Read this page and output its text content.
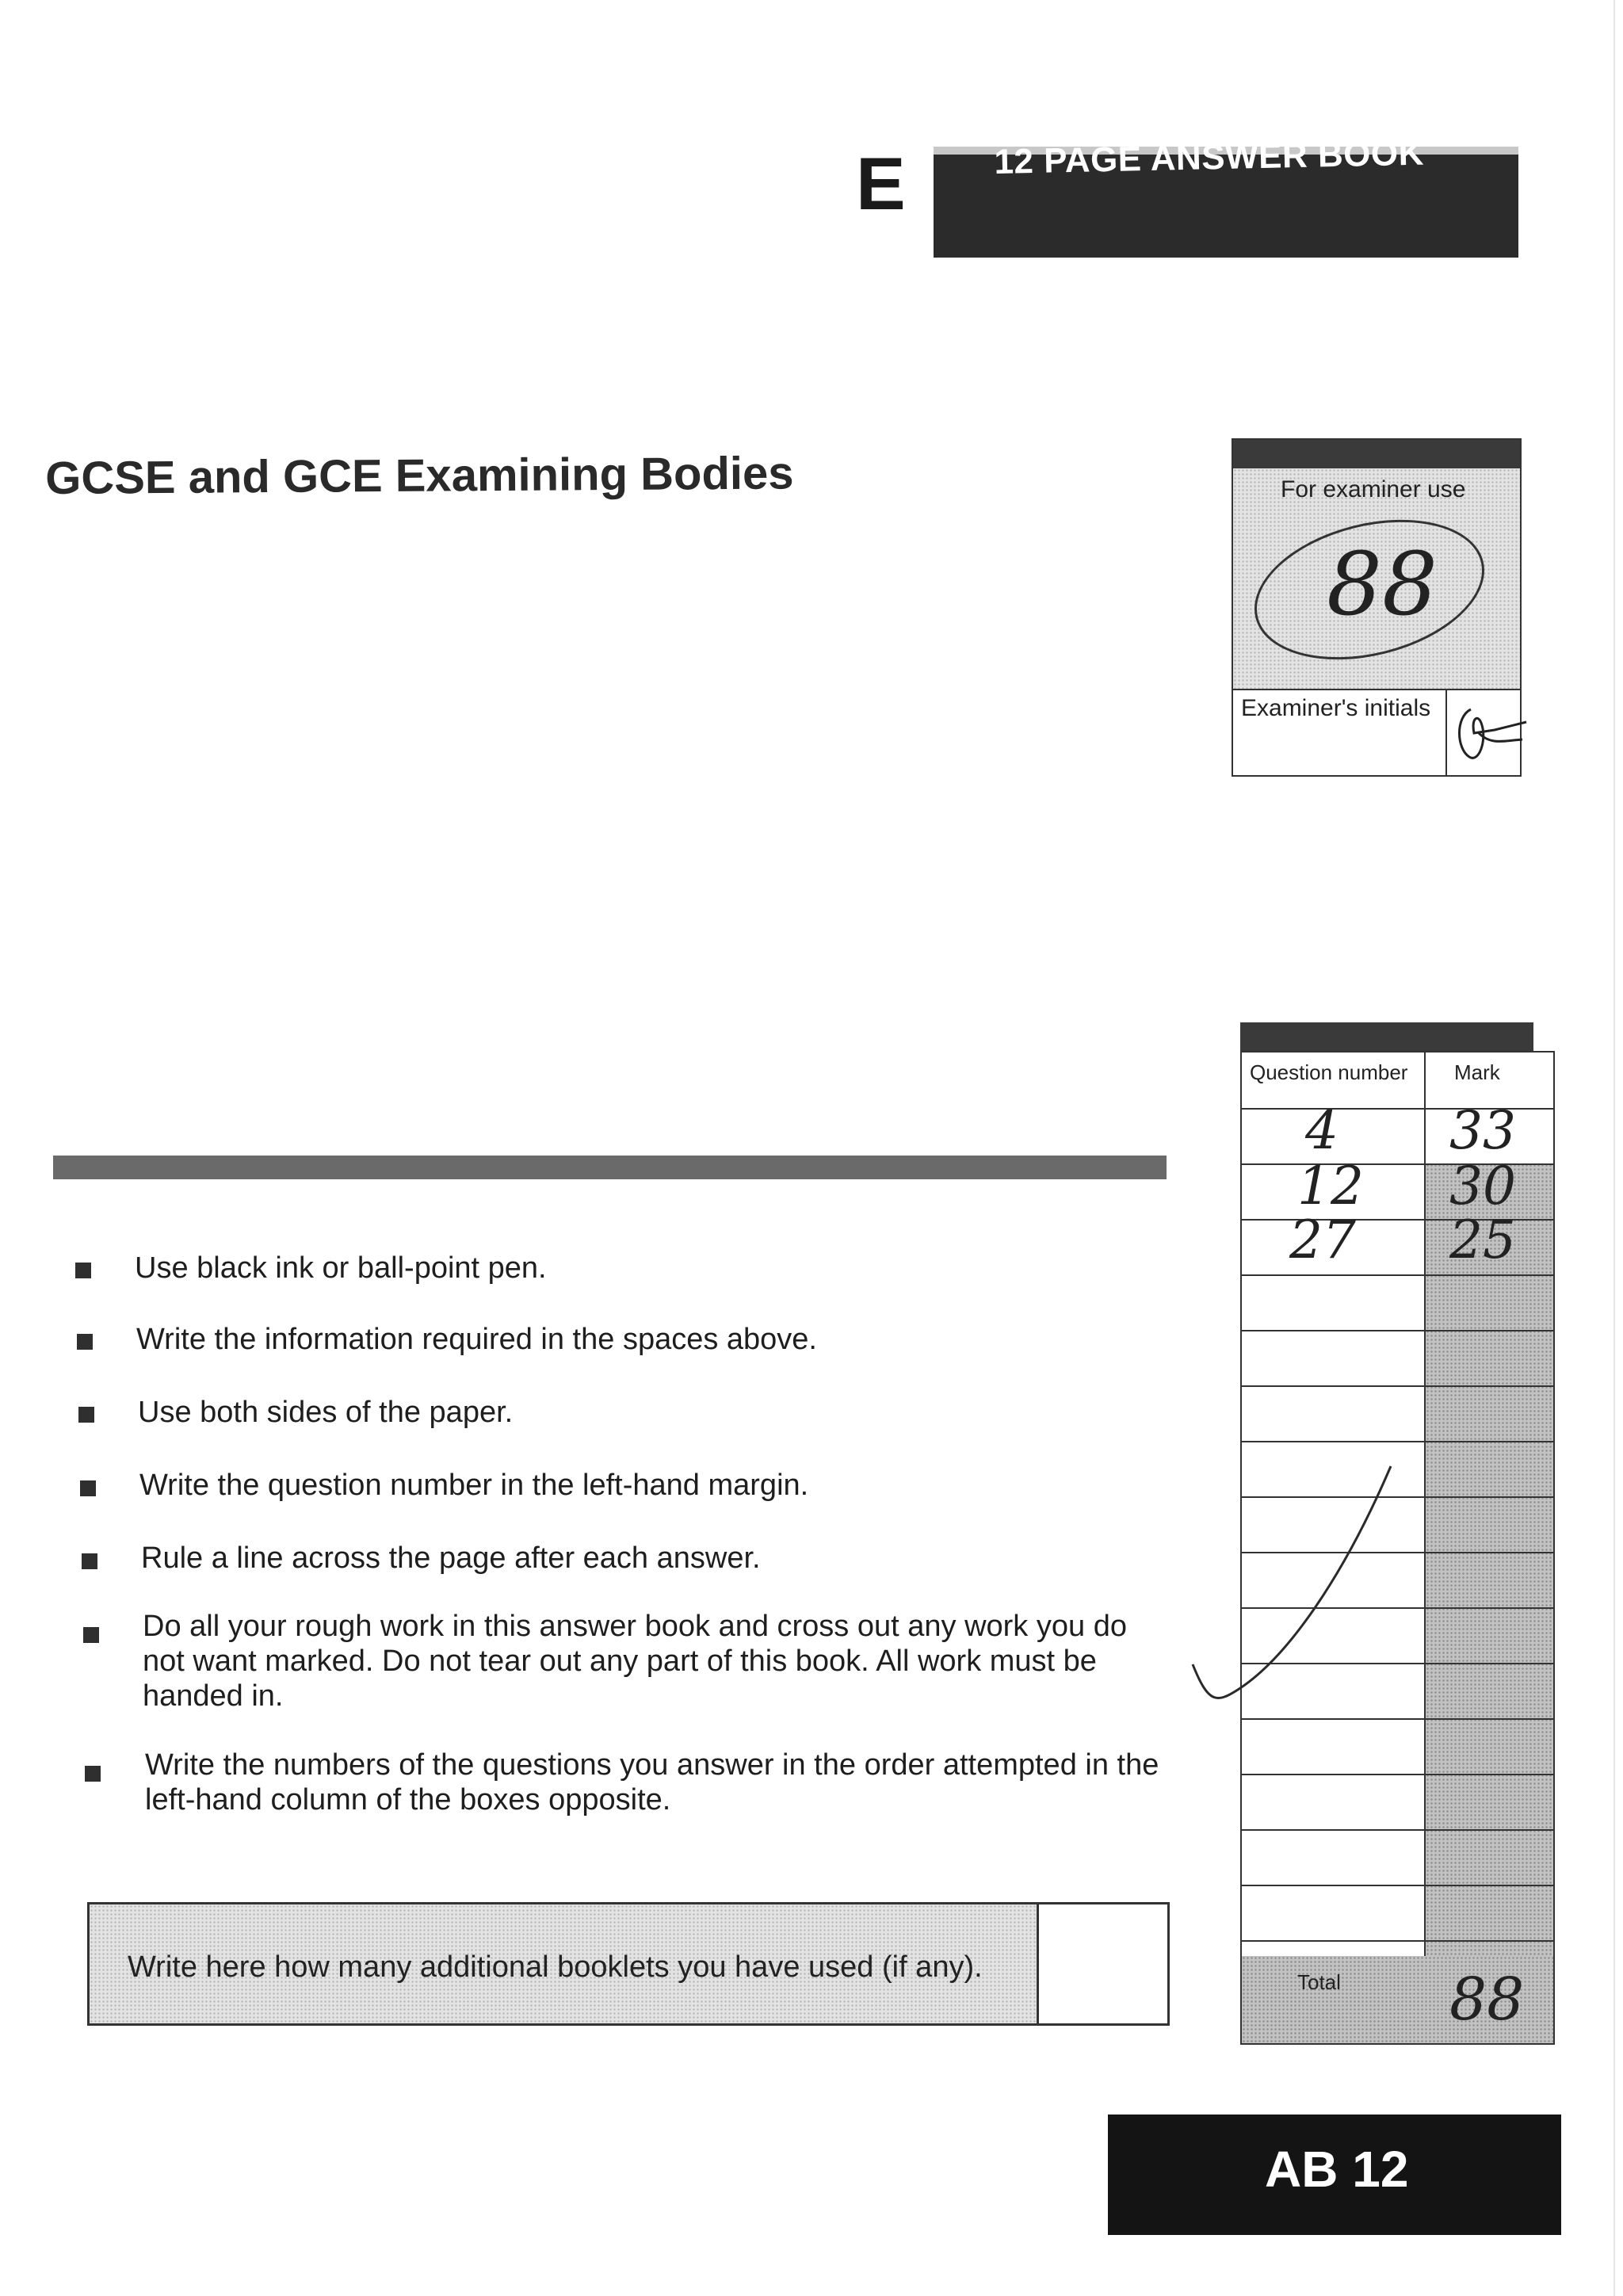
E	12 PAGE ANSWER BOOK
GCSE and GCE Examining Bodies	For examiner use
88
Examiner's initials
Use black ink or ball-point pen.
Write the information required in the spaces above.
Use both sides of the paper.
Write the question number in the left-hand margin.
Rule a line across the page after each answer.
Do all your rough work in this answer book and cross out any work you do not want marked. Do not tear out any part of this book. All work must be handed in.
Write the numbers of the questions you answer in the order attempted in the left-hand column of the boxes opposite.
Write here how many additional booklets you have used (if any).
Question number Mark
4 33
12 30
27 25
Total 88
AB 12
